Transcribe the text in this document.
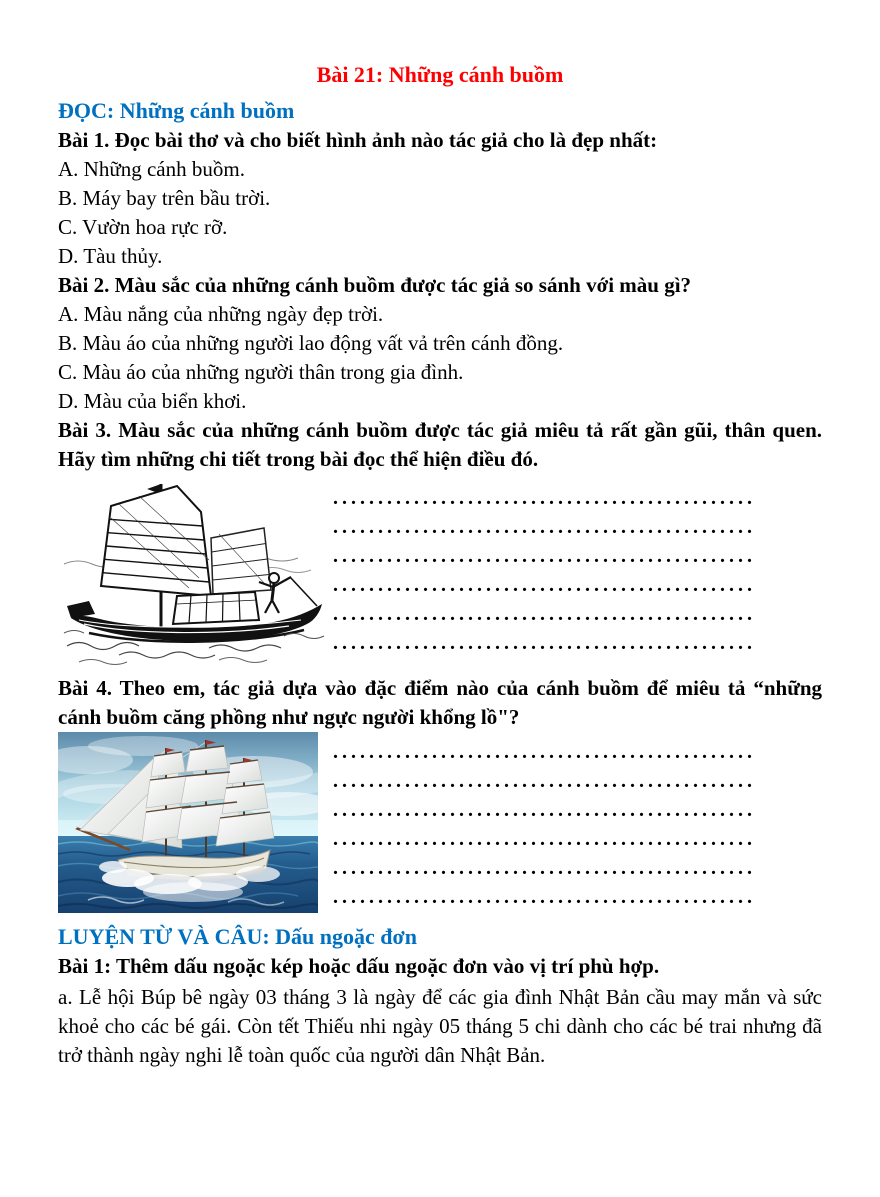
Bài 21: Những cánh buồm
ĐỌC: Những cánh buồm
Bài 1. Đọc bài thơ và cho biết hình ảnh nào tác giả cho là đẹp nhất:
A. Những cánh buồm.
B. Máy bay trên bầu trời.
C. Vườn hoa rực rỡ.
D. Tàu thủy.
Bài 2. Màu sắc của những cánh buồm được tác giả so sánh với màu gì?
A. Màu nắng của những ngày đẹp trời.
B. Màu áo của những người lao động vất vả trên cánh đồng.
C. Màu áo của những người thân trong gia đình.
D. Màu của biển khơi.
Bài 3. Màu sắc của những cánh buồm được tác giả miêu tả rất gần gũi, thân quen. Hãy tìm những chi tiết trong bài đọc thể hiện điều đó.
...............................................
...............................................
...............................................
...............................................
...............................................
...............................................
Bài 4. Theo em, tác giả dựa vào đặc điểm nào của cánh buồm để miêu tả “những cánh buồm căng phồng như ngực người khổng lồ"?
...............................................
...............................................
...............................................
...............................................
...............................................
...............................................
LUYỆN TỪ VÀ CÂU: Dấu ngoặc đơn
Bài 1: Thêm dấu ngoặc kép hoặc dấu ngoặc đơn vào vị trí phù hợp.
a. Lễ hội Búp bê ngày 03 tháng 3 là ngày để các gia đình Nhật Bản cầu may mắn và sức khoẻ cho các bé gái. Còn tết Thiếu nhi ngày 05 tháng 5 chi dành cho các bé trai nhưng đã trở thành ngày nghi lễ toàn quốc của người dân Nhật Bản.
